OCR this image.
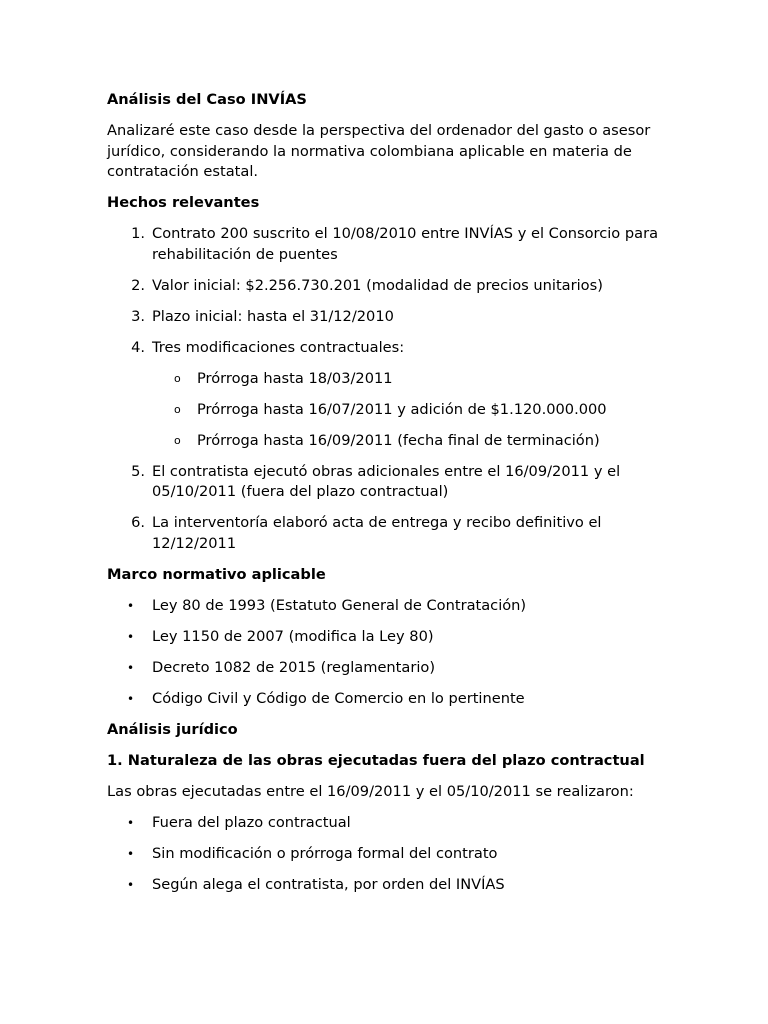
Análisis del Caso INVÍAS

Analizaré este caso desde la perspectiva del ordenador del gasto o asesor jurídico, considerando la normativa colombiana aplicable en materia de contratación estatal.

Hechos relevantes
1. Contrato 200 suscrito el 10/08/2010 entre INVÍAS y el Consorcio para rehabilitación de puentes
2. Valor inicial: $2.256.730.201 (modalidad de precios unitarios)
3. Plazo inicial: hasta el 31/12/2010
4. Tres modificaciones contractuales:
o Prórroga hasta 18/03/2011
o Prórroga hasta 16/07/2011 y adición de $1.120.000.000
o Prórroga hasta 16/09/2011 (fecha final de terminación)
5. El contratista ejecutó obras adicionales entre el 16/09/2011 y el 05/10/2011 (fuera del plazo contractual)
6. La interventoría elaboró acta de entrega y recibo definitivo el 12/12/2011
Marco normativo aplicable
• Ley 80 de 1993 (Estatuto General de Contratación)
• Ley 1150 de 2007 (modifica la Ley 80)
• Decreto 1082 de 2015 (reglamentario)
• Código Civil y Código de Comercio en lo pertinente
Análisis jurídico
1. Naturaleza de las obras ejecutadas fuera del plazo contractual

Las obras ejecutadas entre el 16/09/2011 y el 05/10/2011 se realizaron:

• Fuera del plazo contractual
• Sin modificación o prórroga formal del contrato
• Según alega el contratista, por orden del INVÍAS
